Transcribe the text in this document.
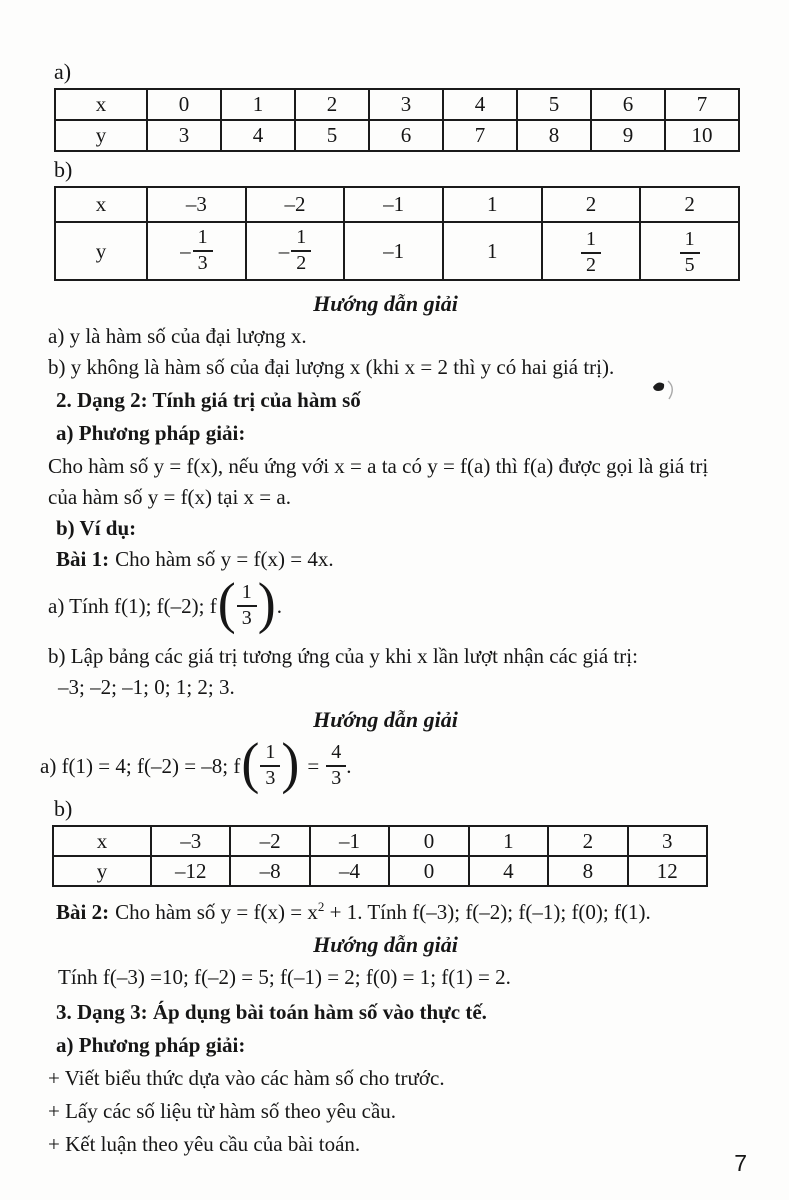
a)
x	0	1	2	3	4	5	6	7
y	3	4	5	6	7	8	9	10
b)
x	–3	–2	–1	1	2	2
y	– $\frac{1}{3}$	– $\frac{1}{2}$	–1	1	$\frac{1}{2}$	$\frac{1}{5}$
Hướng dẫn giải
a) y là hàm số của đại lượng x.
b) y không là hàm số của đại lượng x (khi x = 2 thì y có hai giá trị).
2. Dạng 2: Tính giá trị của hàm số
a) Phương pháp giải:
Cho hàm số y = f(x), nếu ứng với x = a ta có y = f(a) thì f(a) được gọi là giá trị
của hàm số y = f(x) tại x = a.
b) Ví dụ:
Bài 1: Cho hàm số y = f(x) = 4x.
a) Tính f(1); f(–2); f ( $\frac{1}{3}$ ) .
b) Lập bảng các giá trị tương ứng của y khi x lần lượt nhận các giá trị:
–3; –2; –1; 0; 1; 2; 3.
Hướng dẫn giải
a) f(1) = 4; f(–2) = –8; f ( $\frac{1}{3}$ ) = $\frac{4}{3}$ .
b)
x	–3	–2	–1	0	1	2	3
y	–12	–8	–4	0	4	8	12
Bài 2: Cho hàm số $y = f(x) = x^2 + 1$. Tính f(–3); f(–2); f(–1); f(0); f(1).
Hướng dẫn giải
Tính f(–3) =10; f(–2) = 5; f(–1) = 2; f(0) = 1; f(1) = 2.
3. Dạng 3: Áp dụng bài toán hàm số vào thực tế.
a) Phương pháp giải:
+ Viết biểu thức dựa vào các hàm số cho trước.
+ Lấy các số liệu từ hàm số theo yêu cầu.
+ Kết luận theo yêu cầu của bài toán.
7
